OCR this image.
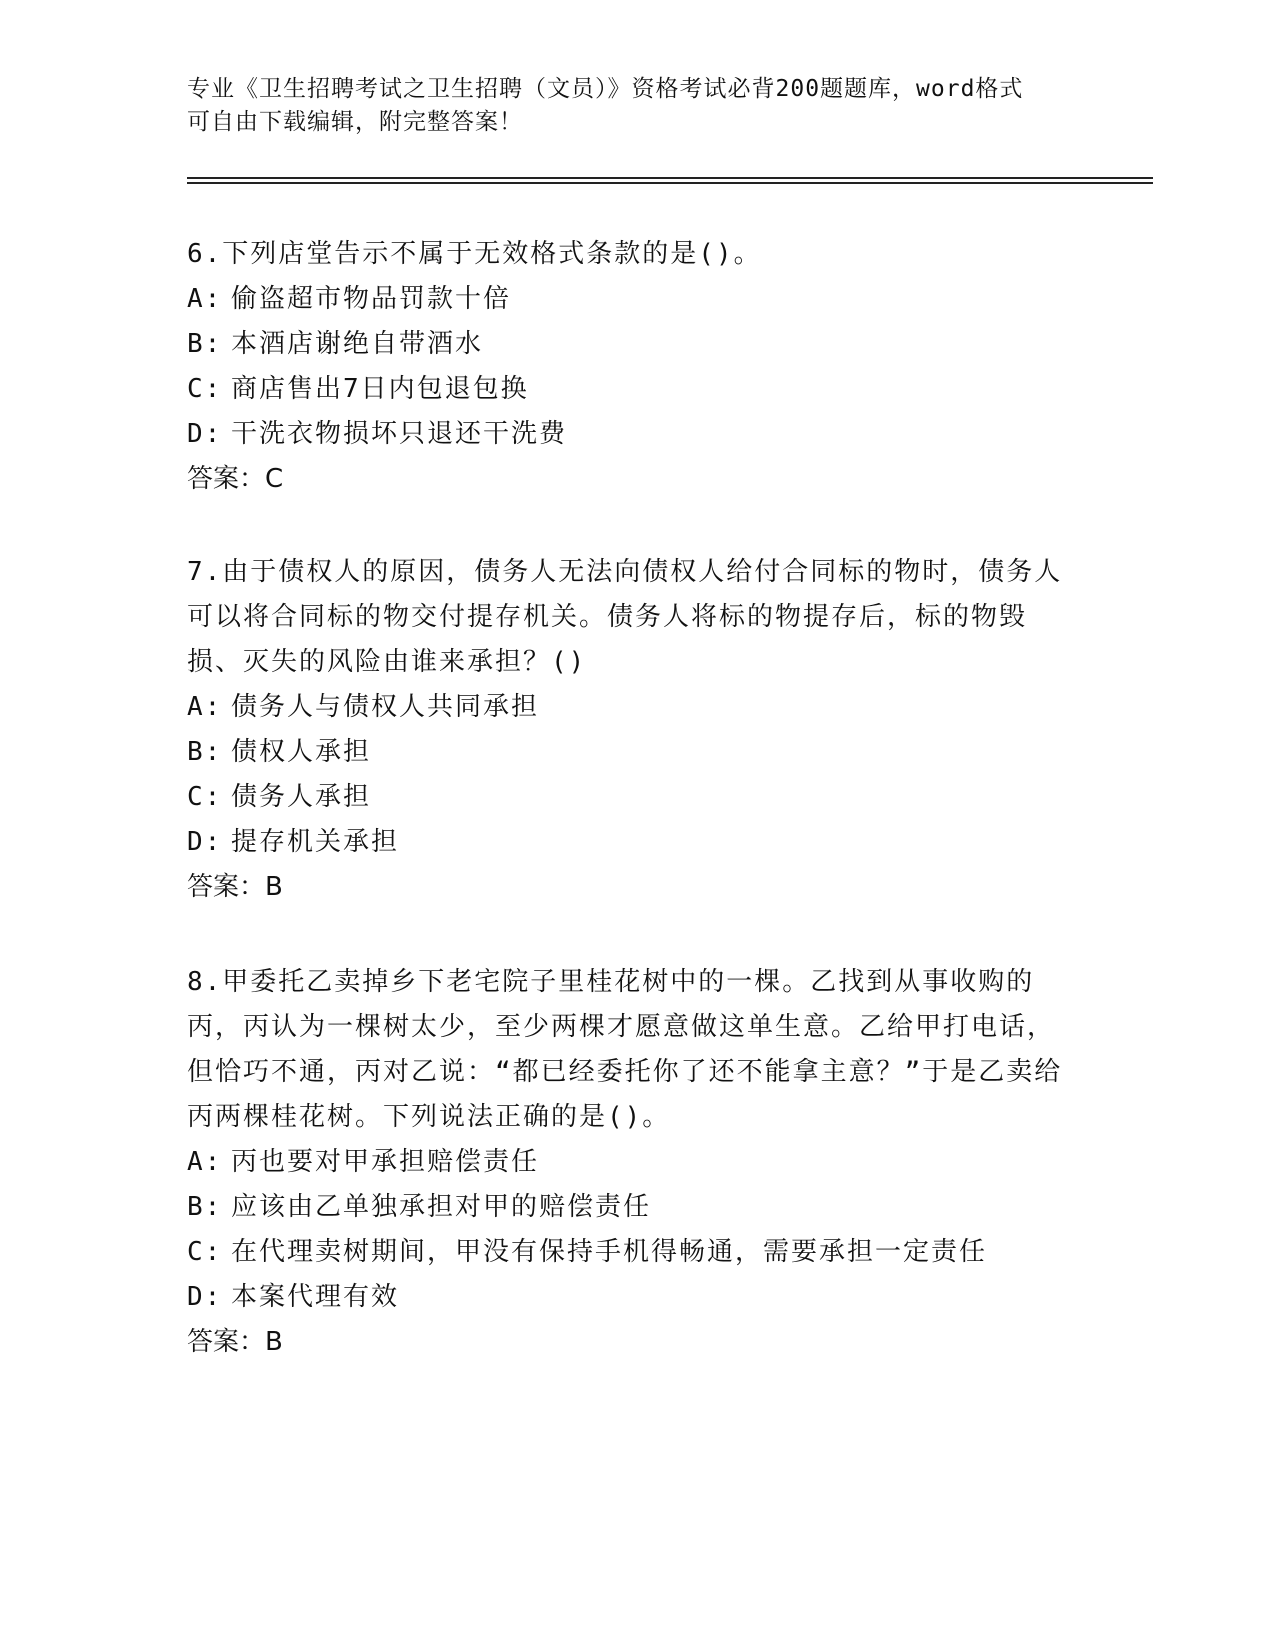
专业《卫生招聘考试之卫生招聘（文员）》资格考试必背200题题库，word格式
可自由下载编辑，附完整答案！

6.下列店堂告示不属于无效格式条款的是()。

A: 偷盗超市物品罚款十倍

B: 本酒店谢绝自带酒水

C: 商店售出7日内包退包换

D: 干洗衣物损坏只退还干洗费

答案：C

7.由于债权人的原因，债务人无法向债权人给付合同标的物时，债务人可以将合同标的物交付提存机关。债务人将标的物提存后，标的物毁损、灭失的风险由谁来承担？()

A: 债务人与债权人共同承担

B: 债权人承担

C: 债务人承担

D: 提存机关承担

答案：B

8.甲委托乙卖掉乡下老宅院子里桂花树中的一棵。乙找到从事收购的丙，丙认为一棵树太少，至少两棵才愿意做这单生意。乙给甲打电话，但恰巧不通，丙对乙说：“都已经委托你了还不能拿主意？”于是乙卖给丙两棵桂花树。下列说法正确的是()。

A: 丙也要对甲承担赔偿责任

B: 应该由乙单独承担对甲的赔偿责任

C: 在代理卖树期间，甲没有保持手机得畅通，需要承担一定责任

D: 本案代理有效

答案：B
